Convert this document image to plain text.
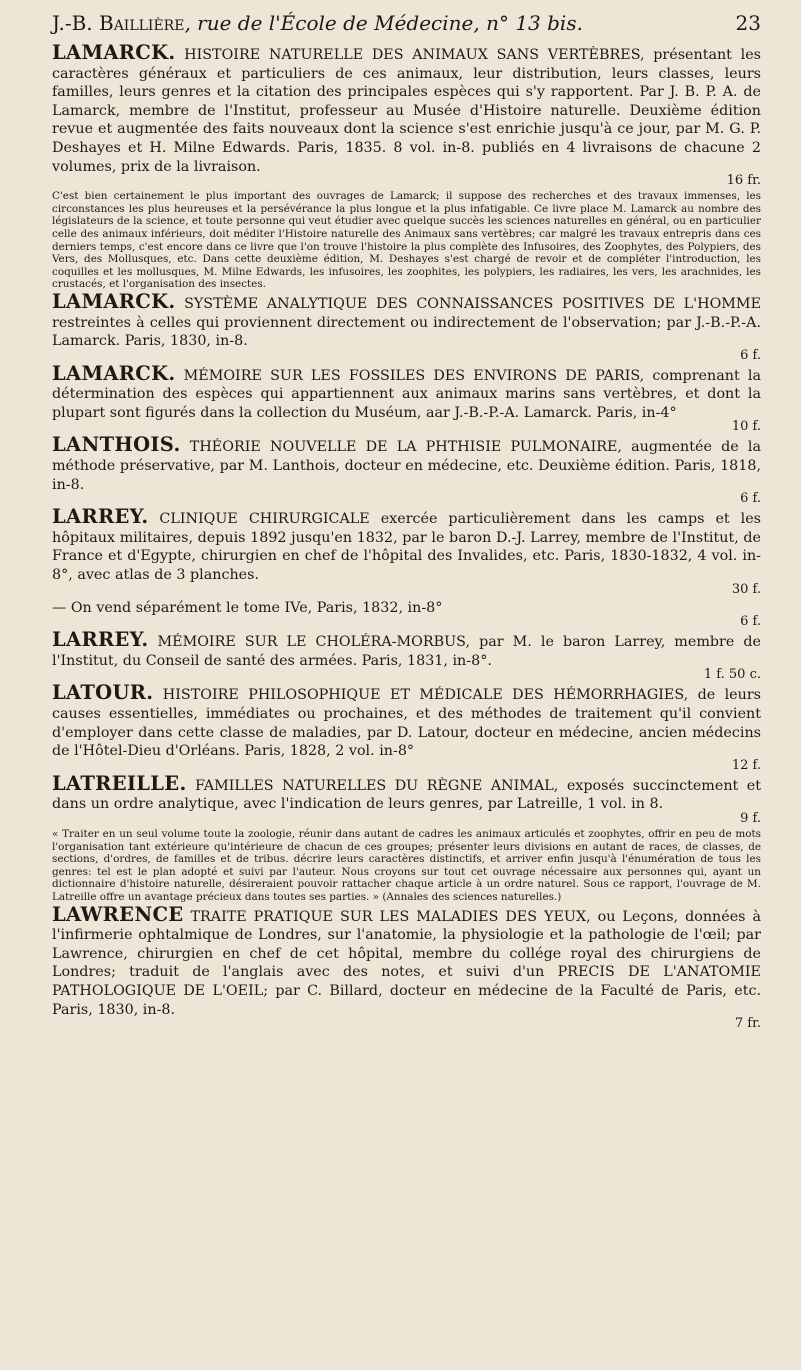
J.-B. Baillière, rue de l'École de Médecine, n° 13 bis.	23
LAMARCK. HISTOIRE NATURELLE DES ANIMAUX SANS VERTÈBRES, présentant les caractères généraux et particuliers de ces animaux, leur distribution, leurs classes, leurs familles, leurs genres et la citation des principales espèces qui s'y rapportent. Par J. B. P. A. de Lamarck, membre de l'Institut, professeur au Musée d'Histoire naturelle. Deuxième édition revue et augmentée des faits nouveaux dont la science s'est enrichie jusqu'à ce jour, par M. G. P. Deshayes et H. Milne Edwards. Paris, 1835. 8 vol. in-8. publiés en 4 livraisons de chacune 2 volumes, prix de la livraison.
16 fr.
C'est bien certainement le plus important des ouvrages de Lamarck; il suppose des recherches et des travaux immenses, les circonstances les plus heureuses et la persévérance la plus longue et la plus infatigable. Ce livre place M. Lamarck au nombre des législateurs de la science, et toute personne qui veut étudier avec quelque succès les sciences naturelles en général, ou en particulier celle des animaux inférieurs, doit méditer l'Histoire naturelle des Animaux sans vertèbres; car malgré les travaux entrepris dans ces derniers temps, c'est encore dans ce livre que l'on trouve l'histoire la plus complète des Infusoires, des Zoophytes, des Polypiers, des Vers, des Mollusques, etc. Dans cette deuxième édition, M. Deshayes s'est chargé de revoir et de compléter l'introduction, les coquilles et les mollusques, M. Milne Edwards, les infusoires, les zoophites, les polypiers, les radiaires, les vers, les arachnides, les crustacés, et l'organisation des insectes.
LAMARCK. SYSTÈME ANALYTIQUE DES CONNAISSANCES POSITIVES DE L'HOMME restreintes à celles qui proviennent directement ou indirectement de l'observation; par J.-B.-P.-A. Lamarck. Paris, 1830, in-8.
6 f.
LAMARCK. MÉMOIRE SUR LES FOSSILES DES ENVIRONS DE PARIS, comprenant la détermination des espèces qui appartiennent aux animaux marins sans vertèbres, et dont la plupart sont figurés dans la collection du Muséum, aar J.-B.-P.-A. Lamarck. Paris, in-4°
10 f.
LANTHOIS. THÉORIE NOUVELLE DE LA PHTHISIE PULMONAIRE, augmentée de la méthode préservative, par M. Lanthois, docteur en médecine, etc. Deuxième édition. Paris, 1818, in-8.
6 f.
LARREY. CLINIQUE CHIRURGICALE exercée particulièrement dans les camps et les hôpitaux militaires, depuis 1892 jusqu'en 1832, par le baron D.-J. Larrey, membre de l'Institut, de France et d'Egypte, chirurgien en chef de l'hôpital des Invalides, etc. Paris, 1830-1832, 4 vol. in-8°, avec atlas de 3 planches.
30 f.
— On vend séparément le tome IVe, Paris, 1832, in-8°
6 f.
LARREY. MÉMOIRE SUR LE CHOLÉRA-MORBUS, par M. le baron Larrey, membre de l'Institut, du Conseil de santé des armées. Paris, 1831, in-8°.
1 f. 50 c.
LATOUR. HISTOIRE PHILOSOPHIQUE ET MÉDICALE DES HÉMORRHAGIES, de leurs causes essentielles, immédiates ou prochaines, et des méthodes de traitement qu'il convient d'employer dans cette classe de maladies, par D. Latour, docteur en médecine, ancien médecins de l'Hôtel-Dieu d'Orléans. Paris, 1828, 2 vol. in-8°
12 f.
LATREILLE. FAMILLES NATURELLES DU RÈGNE ANIMAL, exposés succinctement et dans un ordre analytique, avec l'indication de leurs genres, par Latreille, 1 vol. in 8.
9 f.
« Traiter en un seul volume toute la zoologie, réunir dans autant de cadres les animaux articulés et zoophytes, offrir en peu de mots l'organisation tant extérieure qu'intérieure de chacun de ces groupes; présenter leurs divisions en autant de races, de classes, de sections, d'ordres, de familles et de tribus. décrire leurs caractères distinctifs, et arriver enfin jusqu'à l'énumération de tous les genres: tel est le plan adopté et suivi par l'auteur. Nous croyons sur tout cet ouvrage nécessaire aux personnes qui, ayant un dictionnaire d'histoire naturelle, désireraient pouvoir rattacher chaque article à un ordre naturel. Sous ce rapport, l'ouvrage de M. Latreille offre un avantage précieux dans toutes ses parties. » (Annales des sciences naturelles.)
LAWRENCE TRAITE PRATIQUE SUR LES MALADIES DES YEUX, ou Leçons, données à l'infirmerie ophtalmique de Londres, sur l'anatomie, la physiologie et la pathologie de l'œil; par Lawrence, chirurgien en chef de cet hôpital, membre du collége royal des chirurgiens de Londres; traduit de l'anglais avec des notes, et suivi d'un PRECIS DE L'ANATOMIE PATHOLOGIQUE DE L'OEIL; par C. Billard, docteur en médecine de la Faculté de Paris, etc. Paris, 1830, in-8.
7 fr.
